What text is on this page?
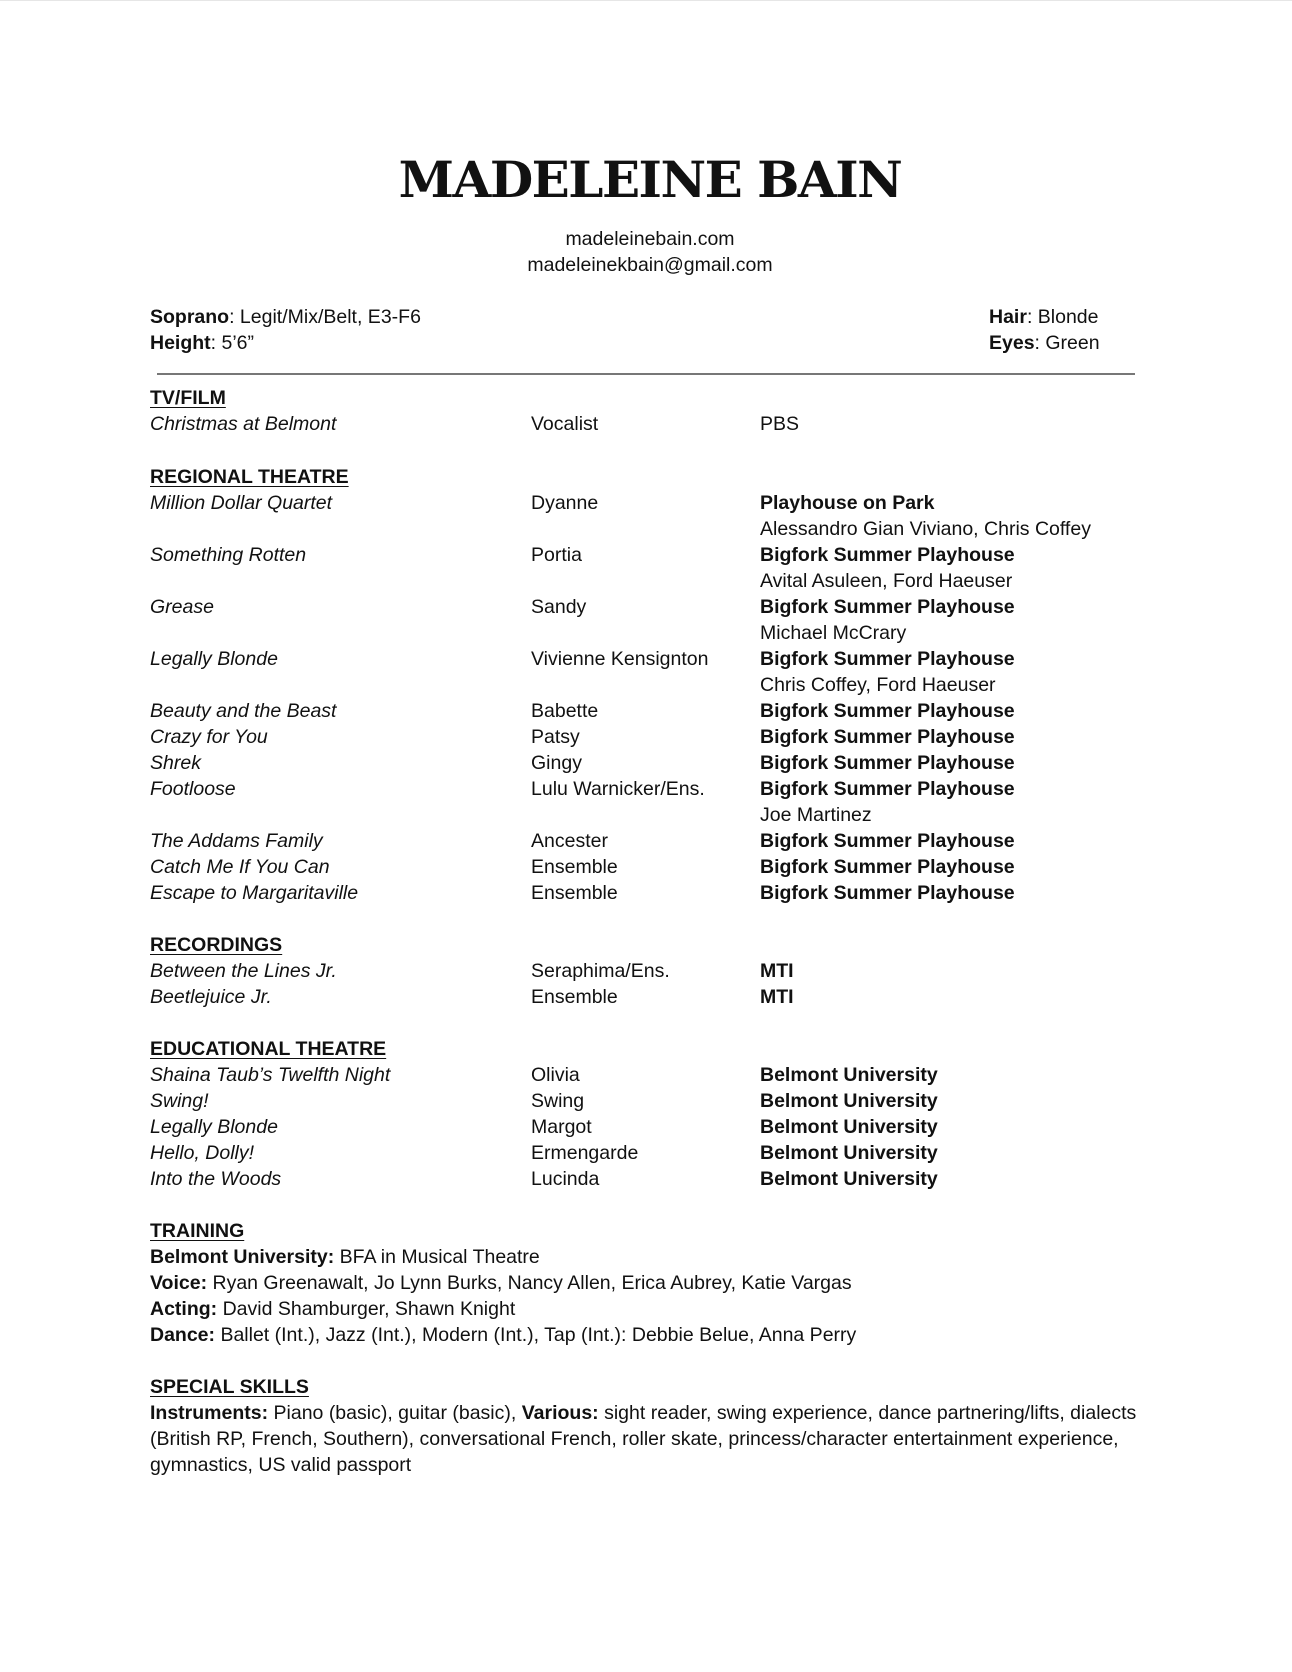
MADELEINE BAIN
madeleinebain.com
madeleinekbain@gmail.com
Soprano: Legit/Mix/Belt, E3-F6
Height: 5’6”
Hair: Blonde
Eyes: Green
TV/FILM
Christmas at Belmont	Vocalist	PBS
REGIONAL THEATRE
Million Dollar Quartet	Dyanne	Playhouse on Park
Alessandro Gian Viviano, Chris Coffey
Something Rotten	Portia	Bigfork Summer Playhouse
Avital Asuleen, Ford Haeuser
Grease	Sandy	Bigfork Summer Playhouse
Michael McCrary
Legally Blonde	Vivienne Kensignton	Bigfork Summer Playhouse
Chris Coffey, Ford Haeuser
Beauty and the Beast	Babette	Bigfork Summer Playhouse
Crazy for You	Patsy	Bigfork Summer Playhouse
Shrek	Gingy	Bigfork Summer Playhouse
Footloose	Lulu Warnicker/Ens.	Bigfork Summer Playhouse
Joe Martinez
The Addams Family	Ancester	Bigfork Summer Playhouse
Catch Me If You Can	Ensemble	Bigfork Summer Playhouse
Escape to Margaritaville	Ensemble	Bigfork Summer Playhouse
RECORDINGS
Between the Lines Jr.	Seraphima/Ens.	MTI
Beetlejuice Jr.	Ensemble	MTI
EDUCATIONAL THEATRE
Shaina Taub’s Twelfth Night	Olivia	Belmont University
Swing!	Swing	Belmont University
Legally Blonde	Margot	Belmont University
Hello, Dolly!	Ermengarde	Belmont University
Into the Woods	Lucinda	Belmont University
TRAINING
Belmont University: BFA in Musical Theatre
Voice: Ryan Greenawalt, Jo Lynn Burks, Nancy Allen, Erica Aubrey, Katie Vargas
Acting: David Shamburger, Shawn Knight
Dance: Ballet (Int.), Jazz (Int.), Modern (Int.), Tap (Int.): Debbie Belue, Anna Perry
SPECIAL SKILLS
Instruments: Piano (basic), guitar (basic), Various: sight reader, swing experience, dance partnering/lifts, dialects (British RP, French, Southern), conversational French, roller skate, princess/character entertainment experience, gymnastics, US valid passport
